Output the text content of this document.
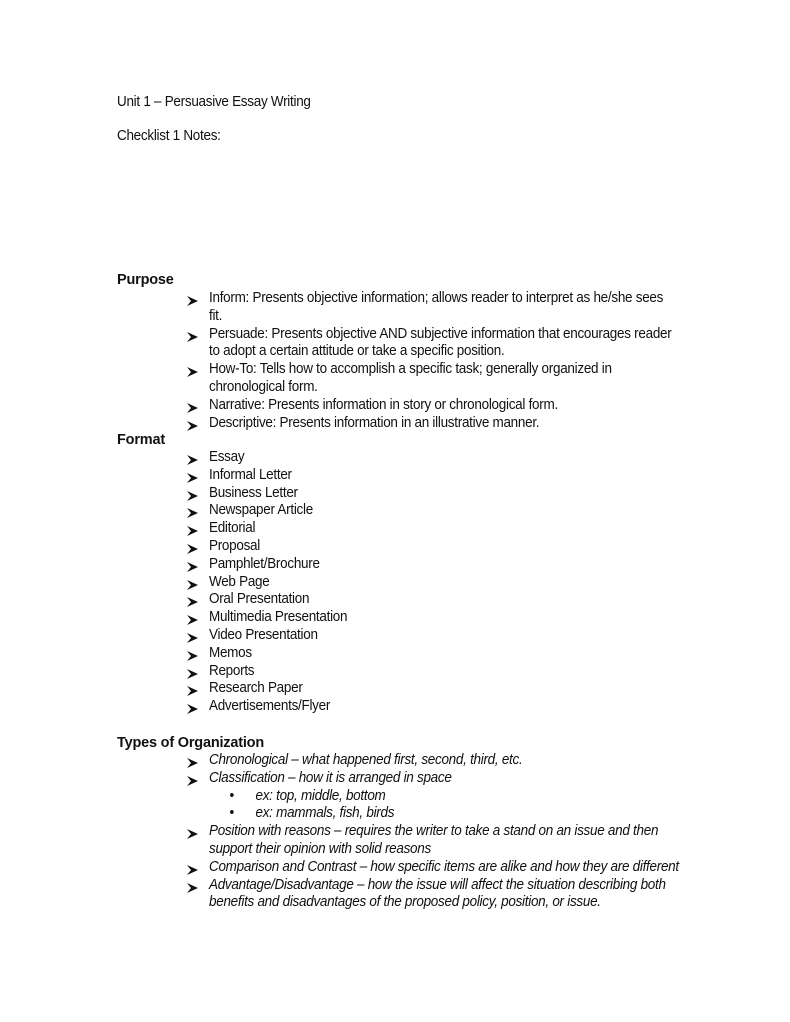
Unit 1 – Persuasive Essay Writing
Checklist 1 Notes:
Purpose
Inform: Presents objective information; allows reader to interpret as he/she sees
fit.
Persuade: Presents objective AND subjective information that encourages reader
to adopt a certain attitude or take a specific position.
How-To: Tells how to accomplish a specific task; generally organized in
chronological form.
Narrative: Presents information in story or chronological form.
Descriptive: Presents information in an illustrative manner.
Format
Essay
Informal Letter
Business Letter
Newspaper Article
Editorial
Proposal
Pamphlet/Brochure
Web Page
Oral Presentation
Multimedia Presentation
Video Presentation
Memos
Reports
Research Paper
Advertisements/Flyer
Types of Organization
Chronological – what happened first, second, third, etc.
Classification – how it is arranged in space
• ex: top, middle, bottom
• ex: mammals, fish, birds
Position with reasons – requires the writer to take a stand on an issue and then
support their opinion with solid reasons
Comparison and Contrast – how specific items are alike and how they are different
Advantage/Disadvantage – how the issue will affect the situation describing both
benefits and disadvantages of the proposed policy, position, or issue.
